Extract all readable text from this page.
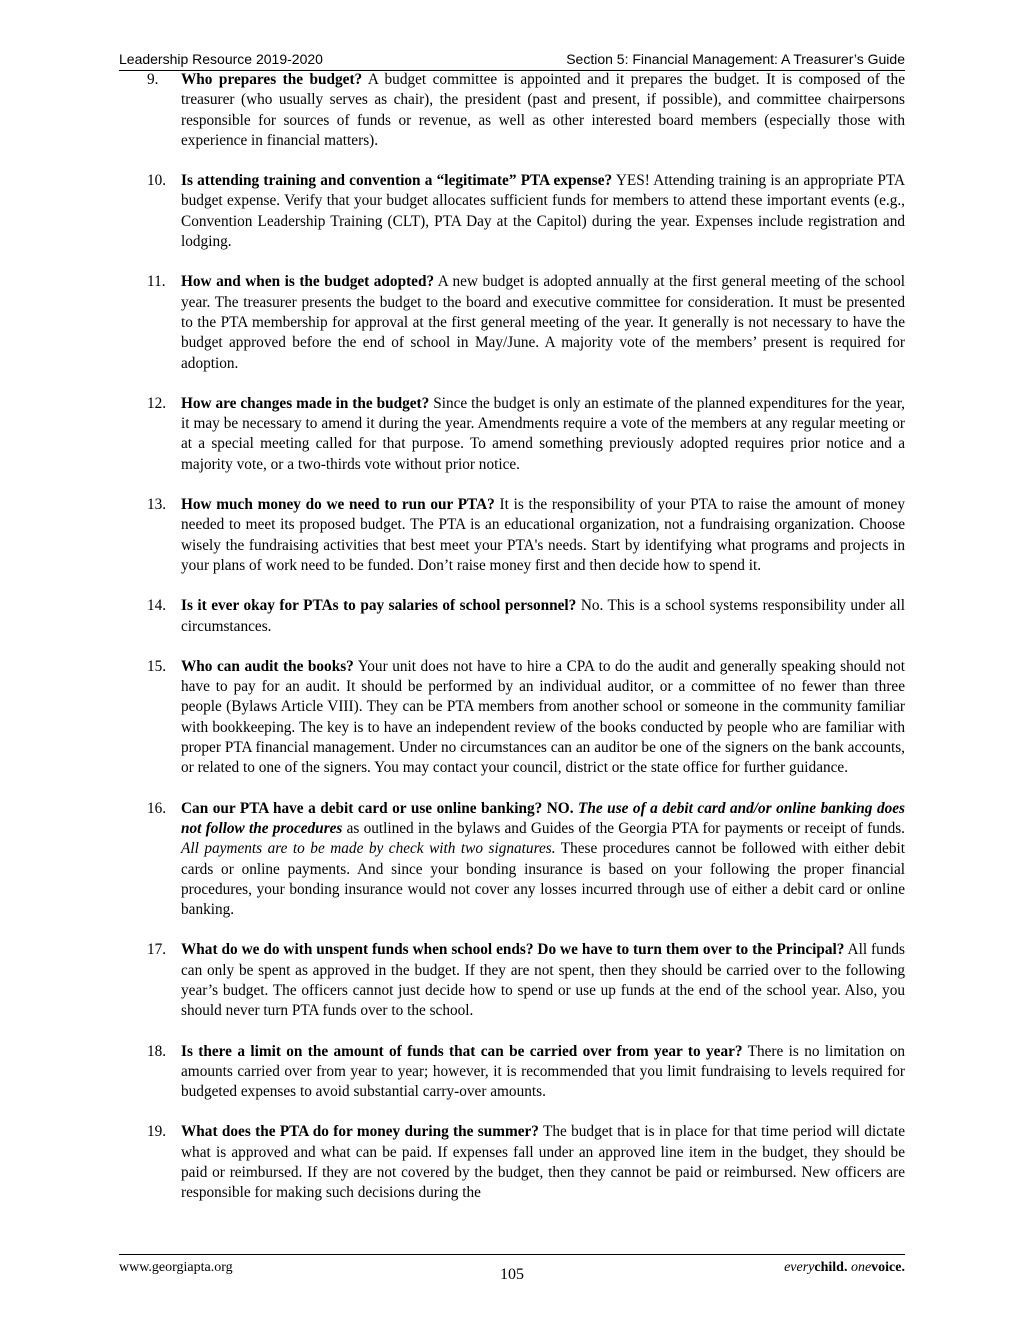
Leadership Resource 2019-2020	Section 5: Financial Management: A Treasurer’s Guide
9. Who prepares the budget? A budget committee is appointed and it prepares the budget. It is composed of the treasurer (who usually serves as chair), the president (past and present, if possible), and committee chairpersons responsible for sources of funds or revenue, as well as other interested board members (especially those with experience in financial matters).
10. Is attending training and convention a “legitimate” PTA expense? YES! Attending training is an appropriate PTA budget expense. Verify that your budget allocates sufficient funds for members to attend these important events (e.g., Convention Leadership Training (CLT), PTA Day at the Capitol) during the year. Expenses include registration and lodging.
11. How and when is the budget adopted? A new budget is adopted annually at the first general meeting of the school year. The treasurer presents the budget to the board and executive committee for consideration. It must be presented to the PTA membership for approval at the first general meeting of the year. It generally is not necessary to have the budget approved before the end of school in May/June. A majority vote of the members’ present is required for adoption.
12. How are changes made in the budget? Since the budget is only an estimate of the planned expenditures for the year, it may be necessary to amend it during the year. Amendments require a vote of the members at any regular meeting or at a special meeting called for that purpose. To amend something previously adopted requires prior notice and a majority vote, or a two-thirds vote without prior notice.
13. How much money do we need to run our PTA? It is the responsibility of your PTA to raise the amount of money needed to meet its proposed budget. The PTA is an educational organization, not a fundraising organization. Choose wisely the fundraising activities that best meet your PTA's needs. Start by identifying what programs and projects in your plans of work need to be funded. Don’t raise money first and then decide how to spend it.
14. Is it ever okay for PTAs to pay salaries of school personnel? No. This is a school systems responsibility under all circumstances.
15. Who can audit the books? Your unit does not have to hire a CPA to do the audit and generally speaking should not have to pay for an audit. It should be performed by an individual auditor, or a committee of no fewer than three people (Bylaws Article VIII). They can be PTA members from another school or someone in the community familiar with bookkeeping. The key is to have an independent review of the books conducted by people who are familiar with proper PTA financial management. Under no circumstances can an auditor be one of the signers on the bank accounts, or related to one of the signers. You may contact your council, district or the state office for further guidance.
16. Can our PTA have a debit card or use online banking? NO. The use of a debit card and/or online banking does not follow the procedures as outlined in the bylaws and Guides of the Georgia PTA for payments or receipt of funds. All payments are to be made by check with two signatures. These procedures cannot be followed with either debit cards or online payments. And since your bonding insurance is based on your following the proper financial procedures, your bonding insurance would not cover any losses incurred through use of either a debit card or online banking.
17. What do we do with unspent funds when school ends? Do we have to turn them over to the Principal? All funds can only be spent as approved in the budget. If they are not spent, then they should be carried over to the following year’s budget. The officers cannot just decide how to spend or use up funds at the end of the school year. Also, you should never turn PTA funds over to the school.
18. Is there a limit on the amount of funds that can be carried over from year to year? There is no limitation on amounts carried over from year to year; however, it is recommended that you limit fundraising to levels required for budgeted expenses to avoid substantial carry-over amounts.
19. What does the PTA do for money during the summer? The budget that is in place for that time period will dictate what is approved and what can be paid. If expenses fall under an approved line item in the budget, they should be paid or reimbursed. If they are not covered by the budget, then they cannot be paid or reimbursed. New officers are responsible for making such decisions during the
www.georgiapta.org	105	everychild. onevoice.
